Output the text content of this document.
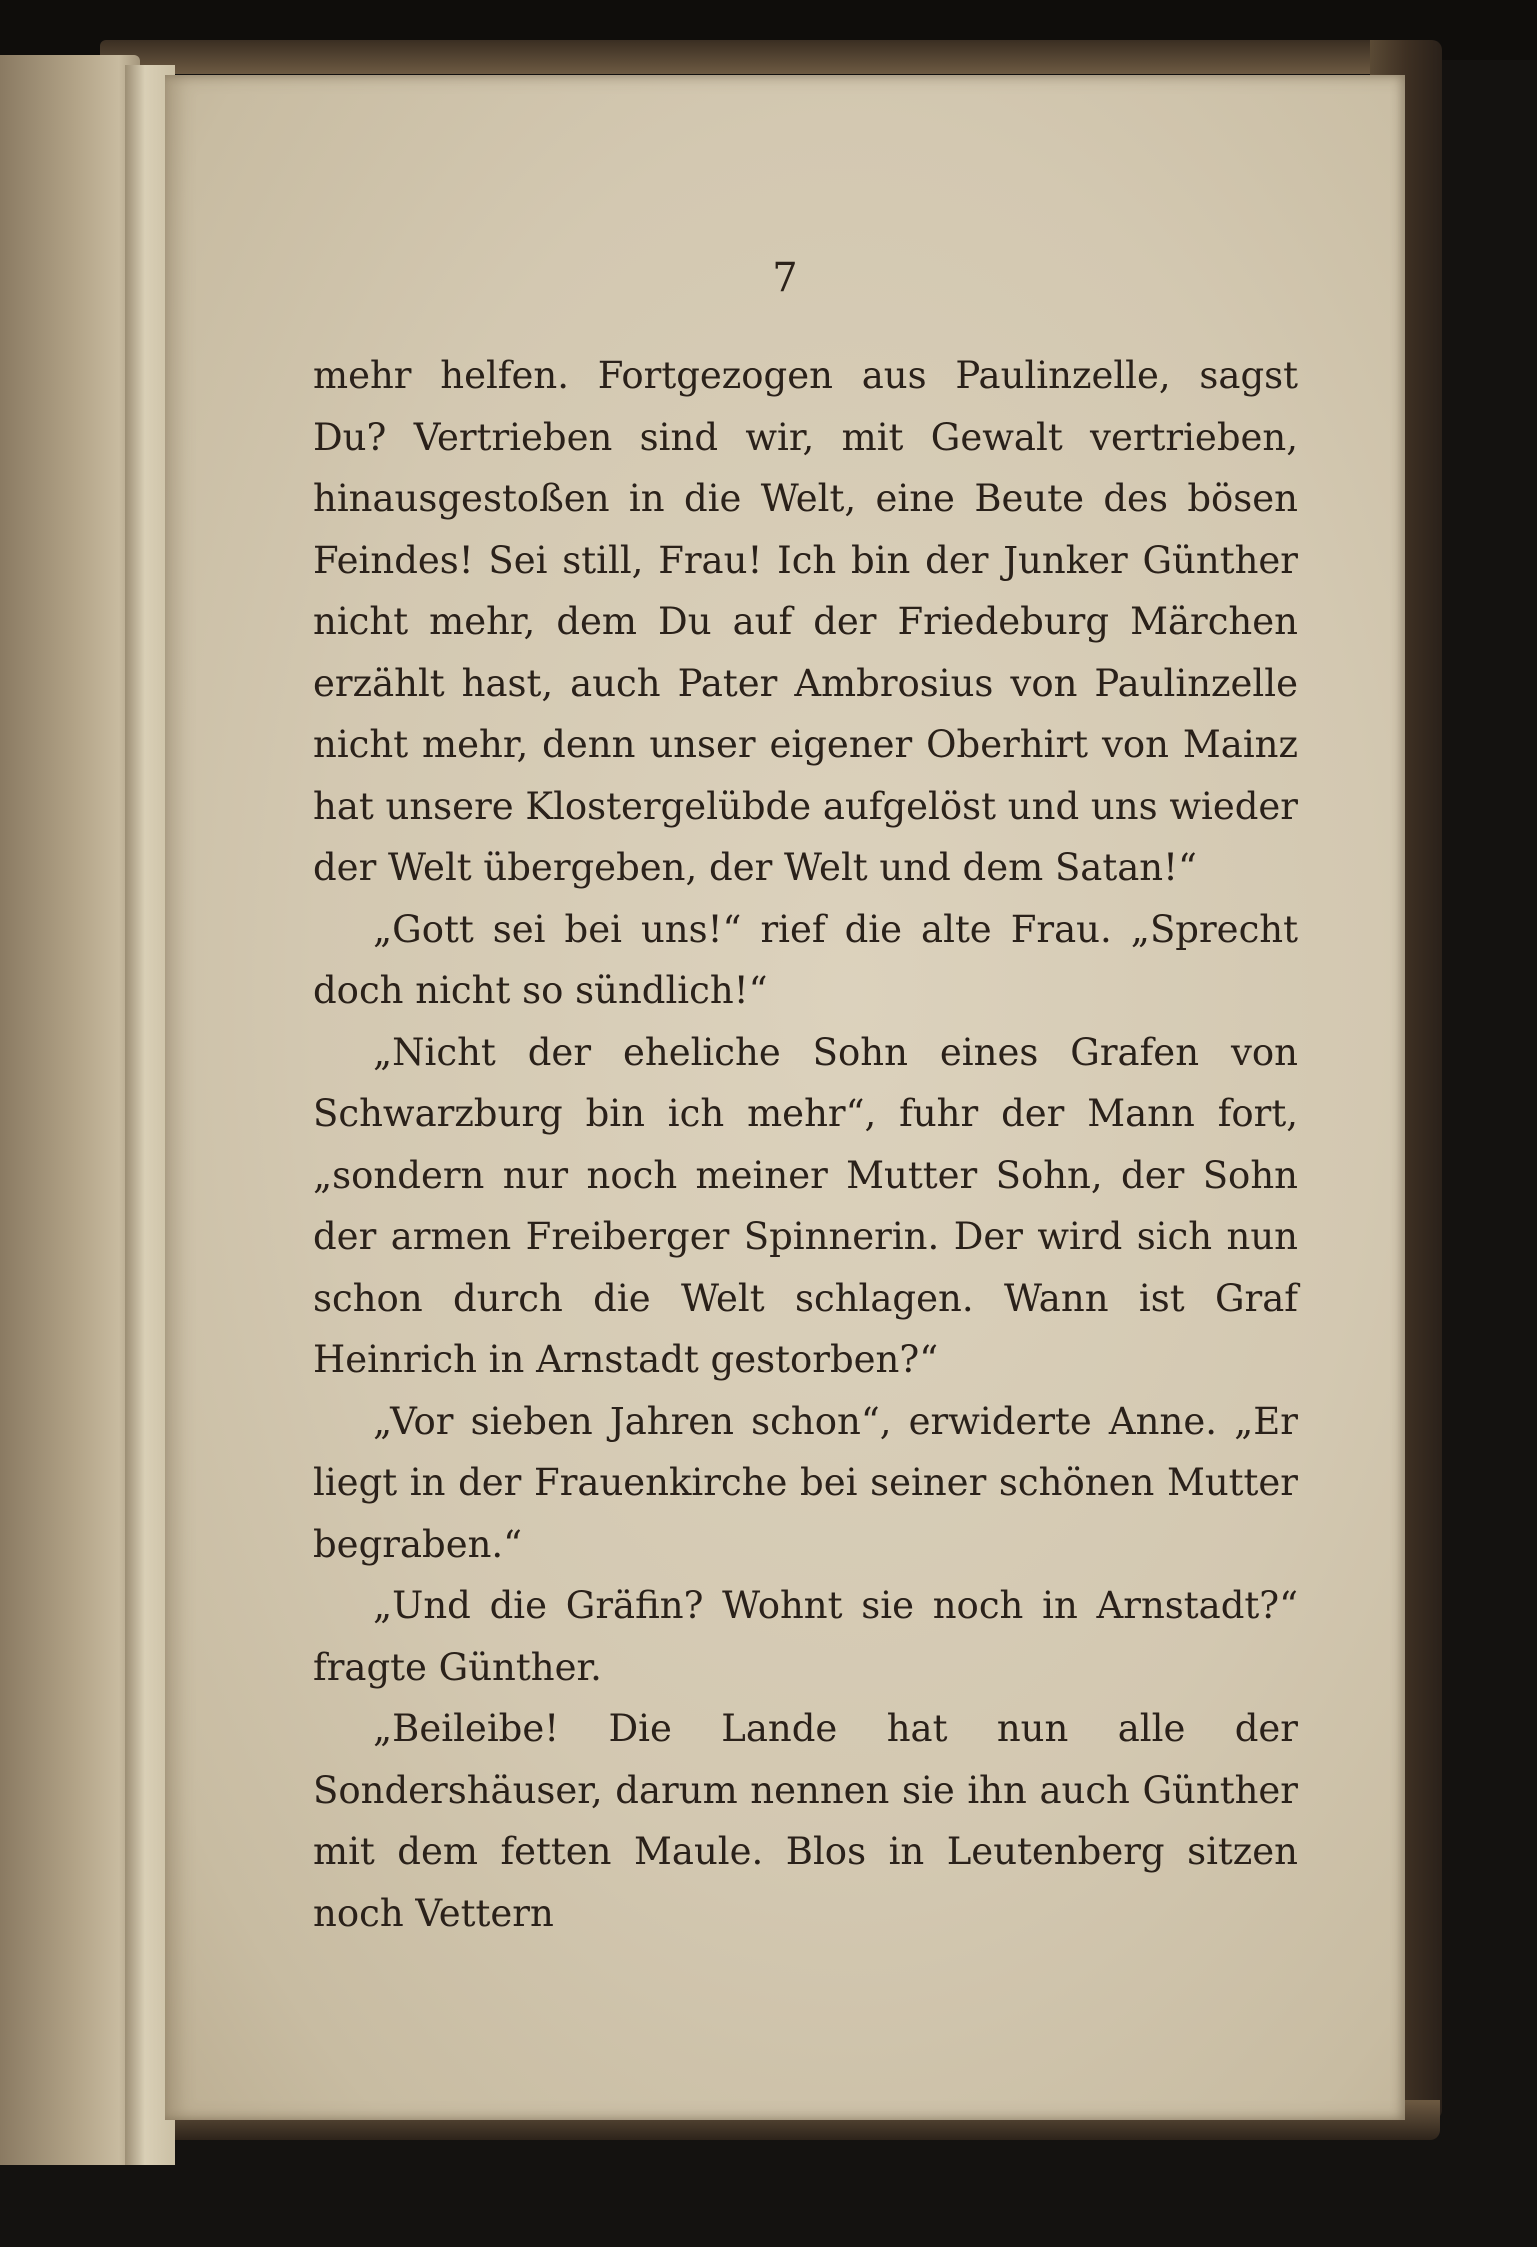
7

mehr helfen. Fortgezogen aus Paulinzelle, sagst Du? Vertrieben sind wir, mit Gewalt vertrieben, hinausgestoßen in die Welt, eine Beute des bösen Feindes! Sei still, Frau! Ich bin der Junker Günther nicht mehr, dem Du auf der Friedeburg Märchen erzählt hast, auch Pater Ambrosius von Paulinzelle nicht mehr, denn unser eigener Oberhirt von Mainz hat unsere Klostergelübde aufgelöst und uns wieder der Welt übergeben, der Welt und dem Satan!“

„Gott sei bei uns!“ rief die alte Frau. „Sprecht doch nicht so sündlich!“

„Nicht der eheliche Sohn eines Grafen von Schwarzburg bin ich mehr“, fuhr der Mann fort, „sondern nur noch meiner Mutter Sohn, der Sohn der armen Freiberger Spinnerin. Der wird sich nun schon durch die Welt schlagen. Wann ist Graf Heinrich in Arnstadt gestorben?“

„Vor sieben Jahren schon“, erwiderte Anne. „Er liegt in der Frauenkirche bei seiner schönen Mutter begraben.“

„Und die Gräfin? Wohnt sie noch in Arnstadt?“ fragte Günther.

„Beileibe! Die Lande hat nun alle der Sondershäuser, darum nennen sie ihn auch Günther mit dem fetten Maule. Blos in Leutenberg sitzen noch Vettern
